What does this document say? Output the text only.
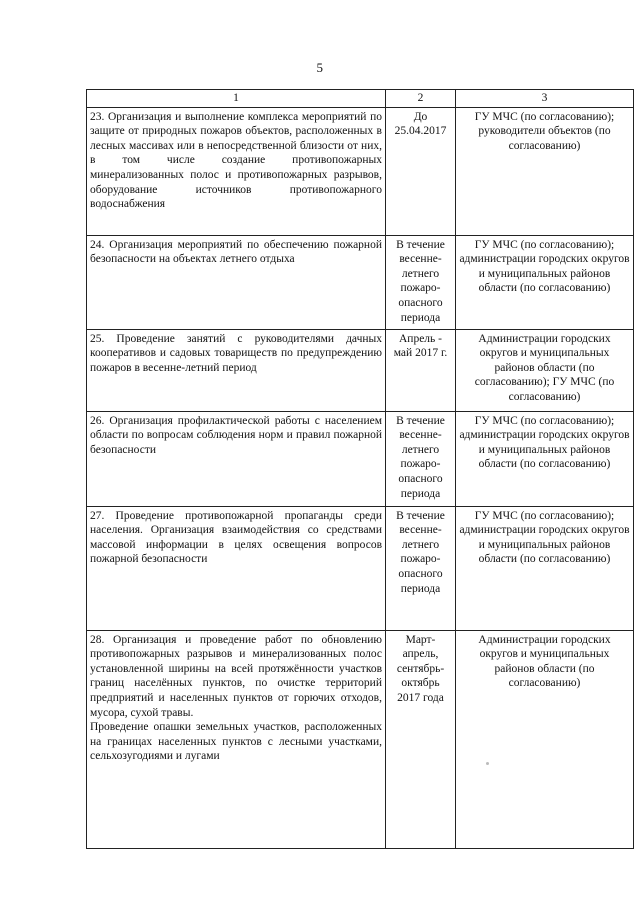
5
1	2	3

23. Организация и выполнение комплекса мероприятий по защите от природных пожаров объектов, расположенных в лесных массивах или в непосредственной близости от них, в том числе создание противопожарных минерализованных полос и противопожарных разрывов, оборудование источников противопожарного водоснабжения	До 25.04.2017	ГУ МЧС (по согласованию); руководители объектов (по согласованию)

24. Организация мероприятий по обеспечению пожарной безопасности на объектах летнего отдыха	В течение весенне-летнего пожаро-опасного периода	ГУ МЧС (по согласованию); администрации городских округов и муниципальных районов области (по согласованию)

25. Проведение занятий с руководителями дачных кооперативов и садовых товариществ по предупреждению пожаров в весенне-летний период	Апрель - май 2017 г.	Администрации городских округов и муниципальных районов области (по согласованию); ГУ МЧС (по согласованию)

26. Организация профилактической работы с населением области по вопросам соблюдения норм и правил пожарной безопасности	В течение весенне-летнего пожаро-опасного периода	ГУ МЧС (по согласованию); администрации городских округов и муниципальных районов области (по согласованию)

27. Проведение противопожарной пропаганды среди населения. Организация взаимодействия со средствами массовой информации в целях освещения вопросов пожарной безопасности	В течение весенне-летнего пожаро-опасного периода	ГУ МЧС (по согласованию); администрации городских округов и муниципальных районов области (по согласованию)

28. Организация и проведение работ по обновлению противопожарных разрывов и минерализованных полос установленной ширины на всей протяжённости участков границ населённых пунктов, по очистке территорий предприятий и населенных пунктов от горючих отходов, мусора, сухой травы.

Проведение опашки земельных участков, расположенных на границах населенных пунктов с лесными участками, сельхозугодиями и лугами	Март-апрель, сентябрь-октябрь 2017 года	Администрации городских округов и муниципальных районов области (по согласованию)
